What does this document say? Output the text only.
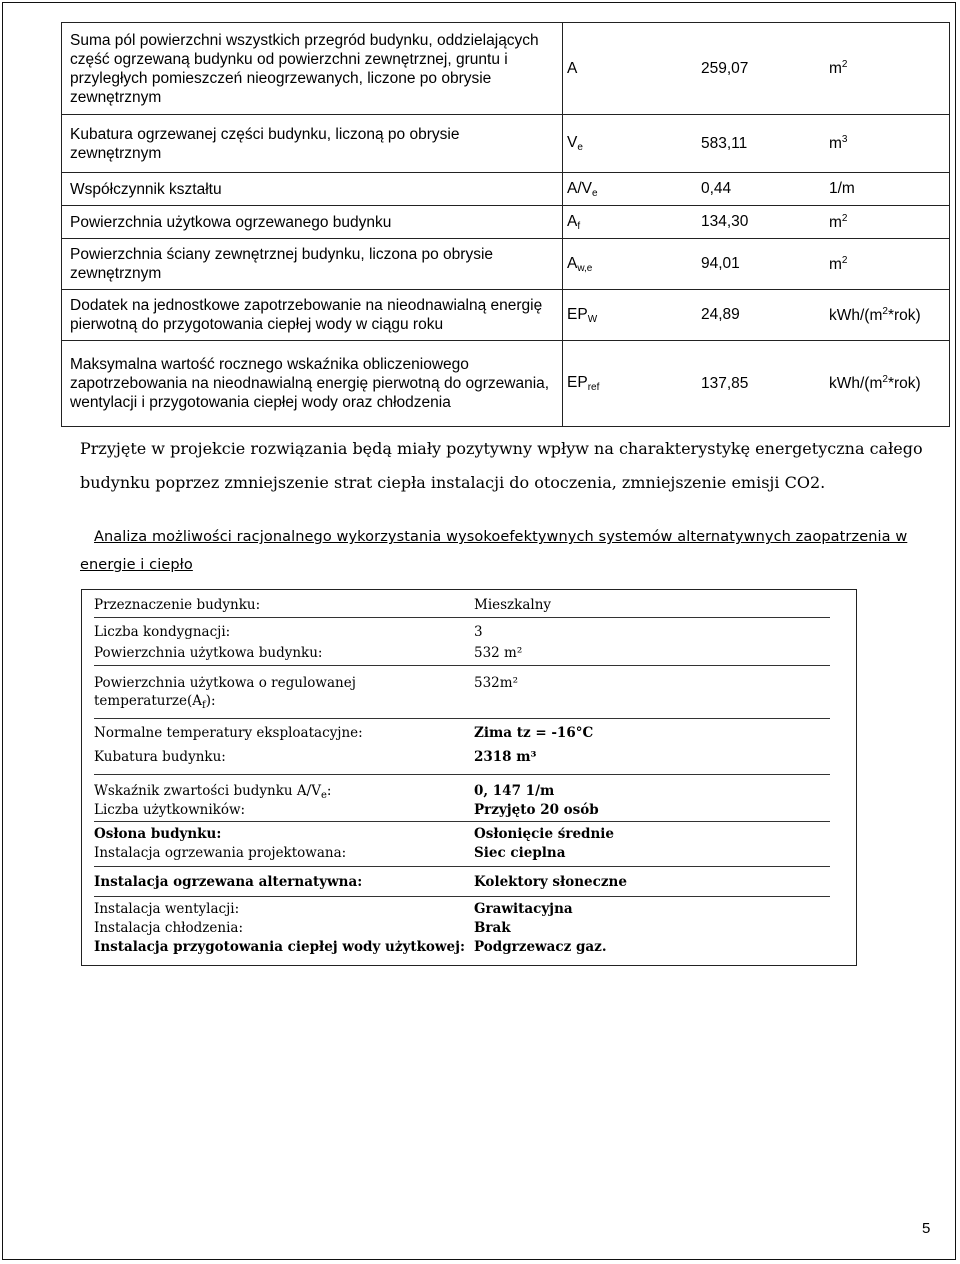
Suma pól powierzchni wszystkich przegród budynku, oddzielających część ogrzewaną budynku od powierzchni zewnętrznej, gruntu i przyległych pomieszczeń nieogrzewanych, liczone po obrysie zewnętrznym	A 259,07 $m^2$

Kubatura ogrzewanej części budynku, liczoną po obrysie zewnętrznym	$V_e$ 583,11 $m^3$

Współczynnik kształtu	$A/V_e$ 0,44 1/m

Powierzchnia użytkowa ogrzewanego budynku	$A_f$ 134,30 $m^2$

Powierzchnia ściany zewnętrznej budynku, liczona po obrysie zewnętrznym	$A_{w,e}$ 94,01 $m^2$

Dodatek na jednostkowe zapotrzebowanie na nieodnawialną energię pierwotną do przygotowania ciepłej wody w ciągu roku	$EP_W$ 24,89 kWh/$(m^2*rok)$

Maksymalna wartość rocznego wskaźnika obliczeniowego zapotrzebowania na nieodnawialną energię pierwotną do ogrzewania, wentylacji i przygotowania ciepłej wody oraz chłodzenia	$EP_{ref}$ 137,85 kWh/$(m^2*rok)$

Przyjęte w projekcie rozwiązania będą miały pozytywny wpływ na charakterystykę energetyczna całego budynku poprzez zmniejszenie strat ciepła instalacji do otoczenia, zmniejszenie emisji CO2.

Analiza możliwości racjonalnego wykorzystania wysokoefektywnych systemów alternatywnych zaopatrzenia w energie i ciepło
Przeznaczenie budynku:	Mieszkalny
Liczba kondygnacji:	3
Powierzchnia użytkowa budynku:	532 m²
Powierzchnia użytkowa o regulowanej
$temperaturze(A_f)$:
532m²
Normalne temperatury eksploatacyjne:	Zima tz = -16°C
Kubatura budynku:	2318 m³
Wskaźnik zwartości budynku $A/V_e$:	0, 147 1/m
Liczba użytkowników:	Przyjęto 20 osób
Osłona budynku:	Osłonięcie średnie
Instalacja ogrzewania projektowana:	Siec cieplna
Instalacja ogrzewana alternatywna:	Kolektory słoneczne
Instalacja wentylacji:	Grawitacyjna
Instalacja chłodzenia:	Brak
Instalacja przygotowania ciepłej wody użytkowej: Podgrzewacz gaz.
5
